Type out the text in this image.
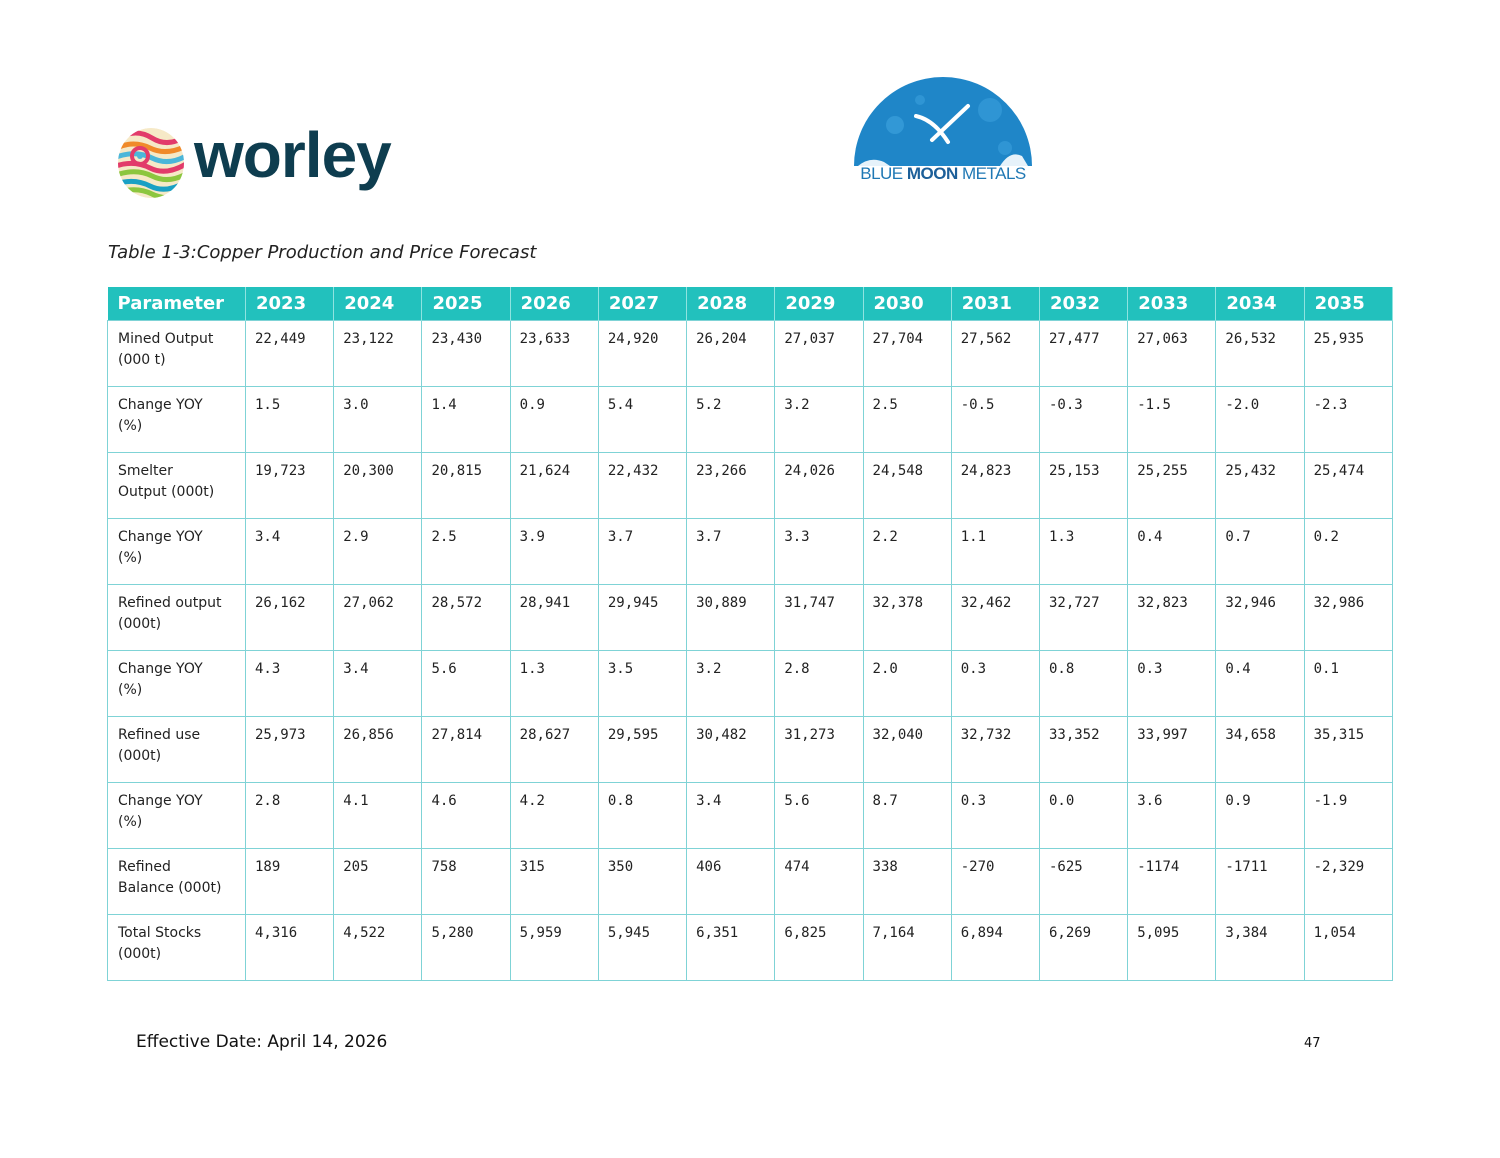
worley	BLUE MOON METALS
Table 1-3:Copper Production and Price Forecast
Parameter	2023	2024	2025	2026	2027	2028	2029	2030	2031	2032	2033	2034	2035

Mined Output
(000 t)	22,449	23,122	23,430	23,633	24,920	26,204	27,037	27,704	27,562	27,477	27,063	26,532	25,935

Change YOY
(%)	1.5	3.0	1.4	0.9	5.4	5.2	3.2	2.5	-0.5	-0.3	-1.5	-2.0	-2.3

Smelter
Output (000t)	19,723	20,300	20,815	21,624	22,432	23,266	24,026	24,548	24,823	25,153	25,255	25,432	25,474

Change YOY
(%)	3.4	2.9	2.5	3.9	3.7	3.7	3.3	2.2	1.1	1.3	0.4	0.7	0.2

Refined output
(000t)	26,162	27,062	28,572	28,941	29,945	30,889	31,747	32,378	32,462	32,727	32,823	32,946	32,986

Change YOY
(%)	4.3	3.4	5.6	1.3	3.5	3.2	2.8	2.0	0.3	0.8	0.3	0.4	0.1

Refined use
(000t)	25,973	26,856	27,814	28,627	29,595	30,482	31,273	32,040	32,732	33,352	33,997	34,658	35,315

Change YOY
(%)	2.8	4.1	4.6	4.2	0.8	3.4	5.6	8.7	0.3	0.0	3.6	0.9	-1.9

Refined
Balance (000t)	189	205	758	315	350	406	474	338	-270	-625	-1174	-1711	-2,329

Total Stocks
(000t)	4,316	4,522	5,280	5,959	5,945	6,351	6,825	7,164	6,894	6,269	5,095	3,384	1,054
Effective Date: April 14, 2026	47
